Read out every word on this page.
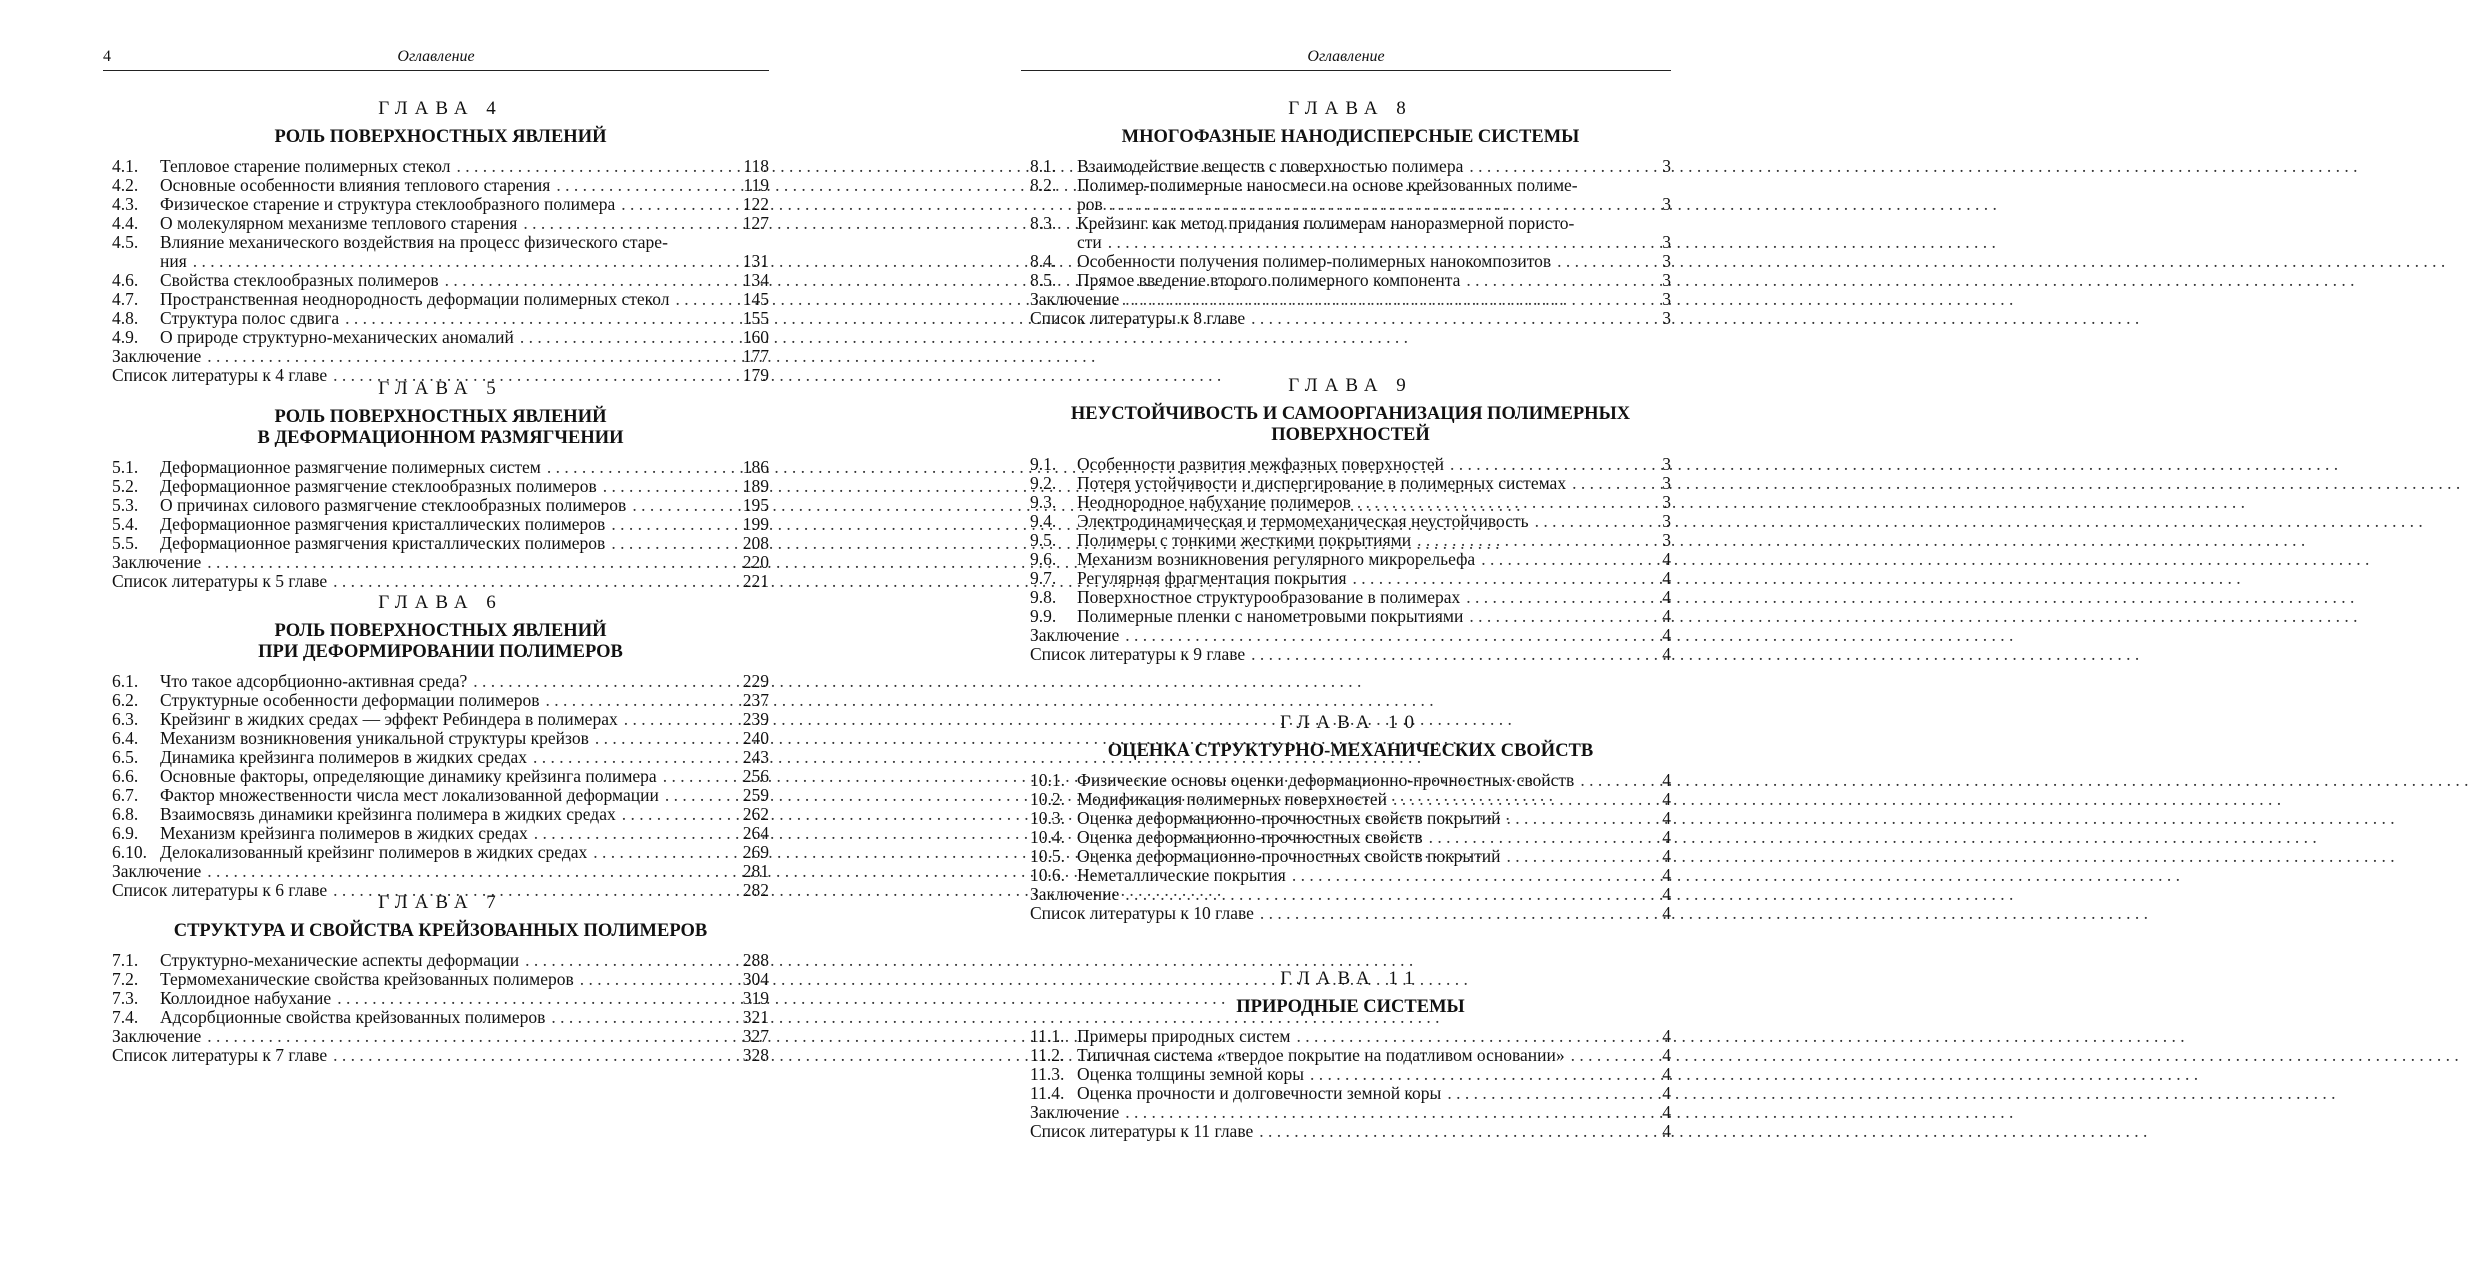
4	Оглавление
ГЛАВА 4
РОЛЬ ПОВЕРХНОСТНЫХ ЯВЛЕНИЙ
4.1.	Тепловое старение полимерных стекол . . .	118
4.2.	Основные особенности влияния теплового старения . . .	119
4.3.	Физическое старение и структура стеклообразного полимера . . .	122
4.4.	О молекулярном механизме теплового старения . . .	127
4.5.	Влияние механического воздействия на процесс физического старе-
ния . . .	131
4.6.	Свойства стеклообразных полимеров . . .	134
4.7.	Пространственная неоднородность деформации полимерных стекол . . .	145
4.8.	Структура полос сдвига . . .	155
4.9.	О природе структурно-механических аномалий . . .	160
Заключение . . .	177
Список литературы к 4 главе . . .	179
ГЛАВА 5
РОЛЬ ПОВЕРХНОСТНЫХ ЯВЛЕНИЙ
В ДЕФОРМАЦИОННОМ РАЗМЯГЧЕНИИ
5.1.	Деформационное размягчение полимерных систем . . .	186
5.2.	Деформационное размягчение стеклообразных полимеров . . .	189
5.3.	О причинах силового размягчение стеклообразных полимеров . . .	195
5.4.	Деформационное размягчения кристаллических полимеров . . .	199
5.5.	Деформационное размягчения кристаллических полимеров . . .	208
Заключение . . .	220
Список литературы к 5 главе . . .	221
ГЛАВА 6
РОЛЬ ПОВЕРХНОСТНЫХ ЯВЛЕНИЙ
ПРИ ДЕФОРМИРОВАНИИ ПОЛИМЕРОВ
6.1.	Что такое адсорбционно-активная среда? . . .	229
6.2.	Структурные особенности деформации полимеров . . .	237
6.3.	Крейзинг в жидких средах — эффект Ребиндера в полимерах . . .	239
6.4.	Механизм возникновения уникальной структуры крейзов . . .	240
6.5.	Динамика крейзинга полимеров в жидких средах . . .	243
6.6.	Основные факторы, определяющие динамику крейзинга полимера . . .	256
6.7.	Фактор множественности числа мест локализованной деформации . . .	259
6.8.	Взаимосвязь динамики крейзинга полимера в жидких средах . . .	262
6.9.	Механизм крейзинга полимеров в жидких средах . . .	264
6.10. Делокализованный крейзинг полимеров в жидких средах . . .	269
Заключение . . .	281
Список литературы к 6 главе . . .	282
ГЛАВА 7
СТРУКТУРА И СВОЙСТВА КРЕЙЗОВАННЫХ ПОЛИМЕРОВ
7.1.	Структурно-механические аспекты деформации . . .	288
7.2.	Термомеханические свойства крейзованных полимеров . . .	304
7.3.	Коллоидное набухание . . .	319
7.4.	Адсорбционные свойства крейзованных полимеров . . .	321
Заключение . . .	327
Список литературы к 7 главе . . .	328
Оглавление
ГЛАВА 8
МНОГОФАЗНЫЕ НАНОДИСПЕРСНЫЕ СИСТЕМЫ
8.1.	Взаимодействие веществ с поверхностью полимера . . .	3
8.2.	Полимер-полимерные наносмеси на основе крейзованных полиме-
ров . . .	3
8.3.	Крейзинг как метод придания полимерам наноразмерной пористо-
сти . . .	3
8.4.	Особенности получения полимер-полимерных нанокомпозитов . . .	3
8.5.	Прямое введение второго полимерного компонента . . .	3
Заключение . . .	3
Список литературы к 8 главе . . .	3
ГЛАВА 9
НЕУСТОЙЧИВОСТЬ И САМООРГАНИЗАЦИЯ ПОЛИМЕРНЫХ
ПОВЕРХНОСТЕЙ
9.1.	Особенности развития межфазных поверхностей . . .	3
9.2.	Потеря устойчивости и диспергирование в полимерных системах . . .	3
9.3.	Неоднородное набухание полимеров . . .	3
9.4.	Электродинамическая и термомеханическая неустойчивость . . .	3
9.5.	Полимеры с тонкими жесткими покрытиями . . .	3
9.6.	Механизм возникновения регулярного микрорельефа . . .	4
9.7.	Регулярная фрагментация покрытия . . .	4
9.8.	Поверхностное структурообразование в полимерах . . .	4
9.9.	Полимерные пленки с нанометровыми покрытиями . . .	4
Заключение . . .	4
Список литературы к 9 главе . . .	4
ГЛАВА 10
ОЦЕНКА СТРУКТУРНО-МЕХАНИЧЕСКИХ СВОЙСТВ
10.1. Физические основы оценки деформационно-прочностных свойств . . .	4
10.2. Модификация полимерных поверхностей . . .	4
10.3. Оценка деформационно-прочностных свойств покрытий . . .	4
10.4. Оценка деформационно-прочностных свойств . . .	4
10.5. Оценка деформационно-прочностных свойств покрытий . . .	4
10.6. Неметаллические покрытия . . .	4
Заключение . . .	4
Список литературы к 10 главе . . .	4
ГЛАВА 11
ПРИРОДНЫЕ СИСТЕМЫ
11.1. Примеры природных систем . . .	4
11.2. Типичная система «твердое покрытие на податливом основании» . . .	4
11.3. Оценка толщины земной коры . . .	4
11.4. Оценка прочности и долговечности земной коры . . .	4
Заключение . . .	4
Список литературы к 11 главе . . .	4
